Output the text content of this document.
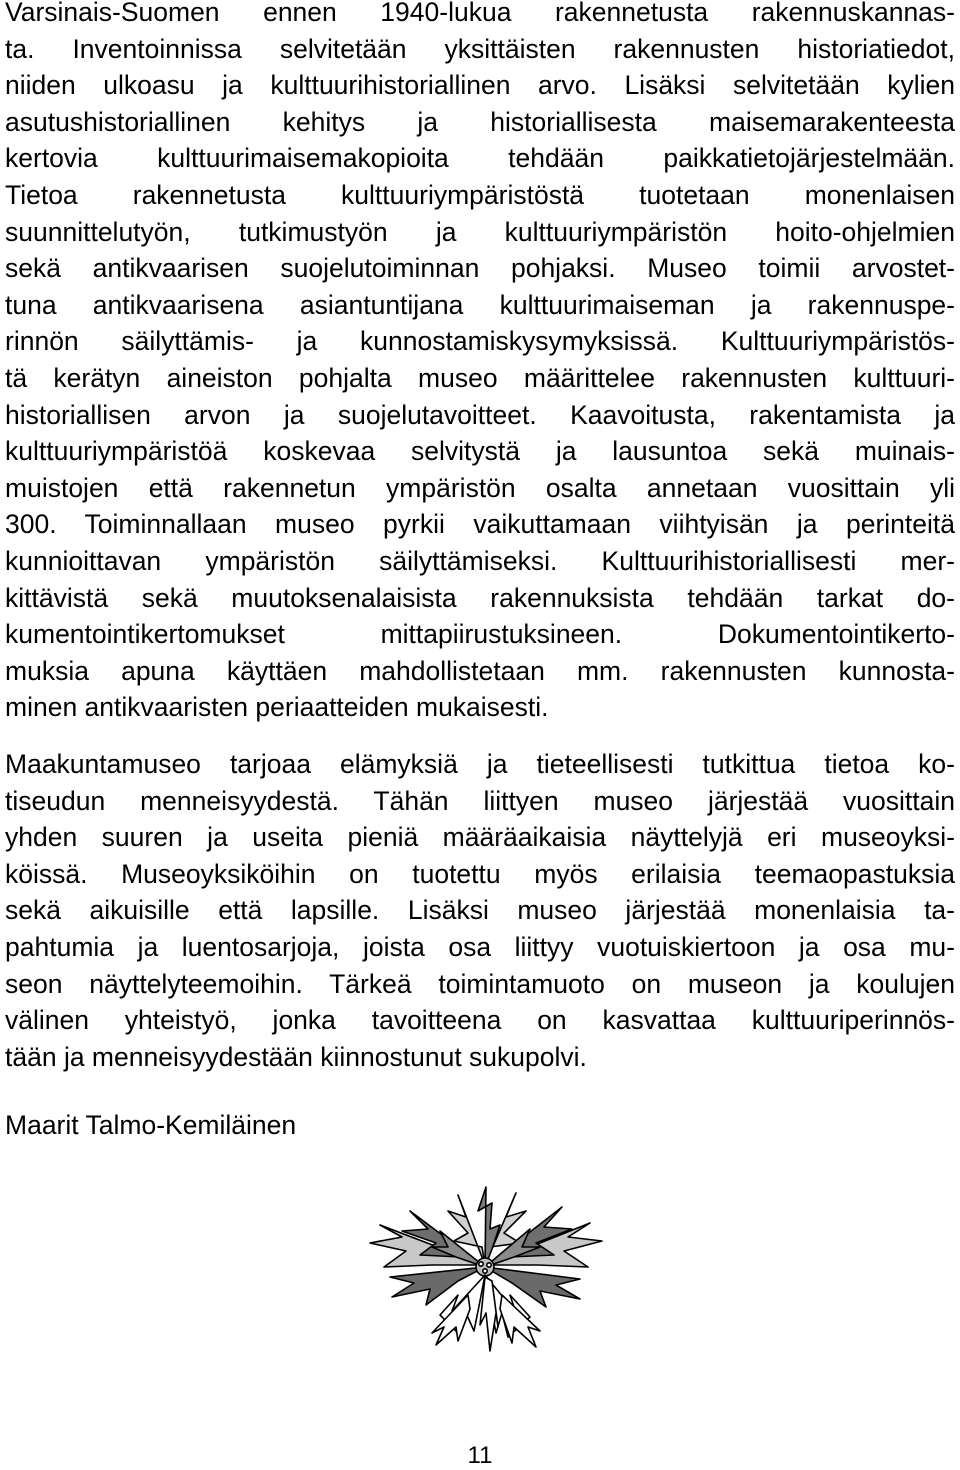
Varsinais-Suomen ennen 1940-lukua rakennetusta rakennuskannas-
ta. Inventoinnissa selvitetään yksittäisten rakennusten historiatiedot,
niiden ulkoasu ja kulttuurihistoriallinen arvo. Lisäksi selvitetään kylien
asutushistoriallinen kehitys ja historiallisesta maisemarakenteesta
kertovia kulttuurimaisemakopioita tehdään paikkatietojärjestelmään.
Tietoa rakennetusta kulttuuriympäristöstä tuotetaan monenlaisen
suunnittelutyön, tutkimustyön ja kulttuuriympäristön hoito-ohjelmien
sekä antikvaarisen suojelutoiminnan pohjaksi. Museo toimii arvostet-
tuna antikvaarisena asiantuntijana kulttuurimaiseman ja rakennuspe-
rinnön säilyttämis- ja kunnostamiskysymyksissä. Kulttuuriympäristös-
tä kerätyn aineiston pohjalta museo määrittelee rakennusten kulttuuri-
historiallisen arvon ja suojelutavoitteet. Kaavoitusta, rakentamista ja
kulttuuriympäristöä koskevaa selvitystä ja lausuntoa sekä muinais-
muistojen että rakennetun ympäristön osalta annetaan vuosittain yli
300. Toiminnallaan museo pyrkii vaikuttamaan viihtyisän ja perinteitä
kunnioittavan ympäristön säilyttämiseksi. Kulttuurihistoriallisesti mer-
kittävistä sekä muutoksenalaisista rakennuksista tehdään tarkat do-
kumentointikertomukset mittapiirustuksineen. Dokumentointikerto-
muksia apuna käyttäen mahdollistetaan mm. rakennusten kunnosta-
minen antikvaaristen periaatteiden mukaisesti.
Maakuntamuseo tarjoaa elämyksiä ja tieteellisesti tutkittua tietoa ko-
tiseudun menneisyydestä. Tähän liittyen museo järjestää vuosittain
yhden suuren ja useita pieniä määräaikaisia näyttelyjä eri museoyksi-
köissä. Museoyksiköihin on tuotettu myös erilaisia teemaopastuksia
sekä aikuisille että lapsille. Lisäksi museo järjestää monenlaisia ta-
pahtumia ja luentosarjoja, joista osa liittyy vuotuiskiertoon ja osa mu-
seon näyttelyteemoihin. Tärkeä toimintamuoto on museon ja koulujen
välinen yhteistyö, jonka tavoitteena on kasvattaa kulttuuriperinnös-
tään ja menneisyydestään kiinnostunut sukupolvi.
Maarit Talmo-Kemiläinen
11
